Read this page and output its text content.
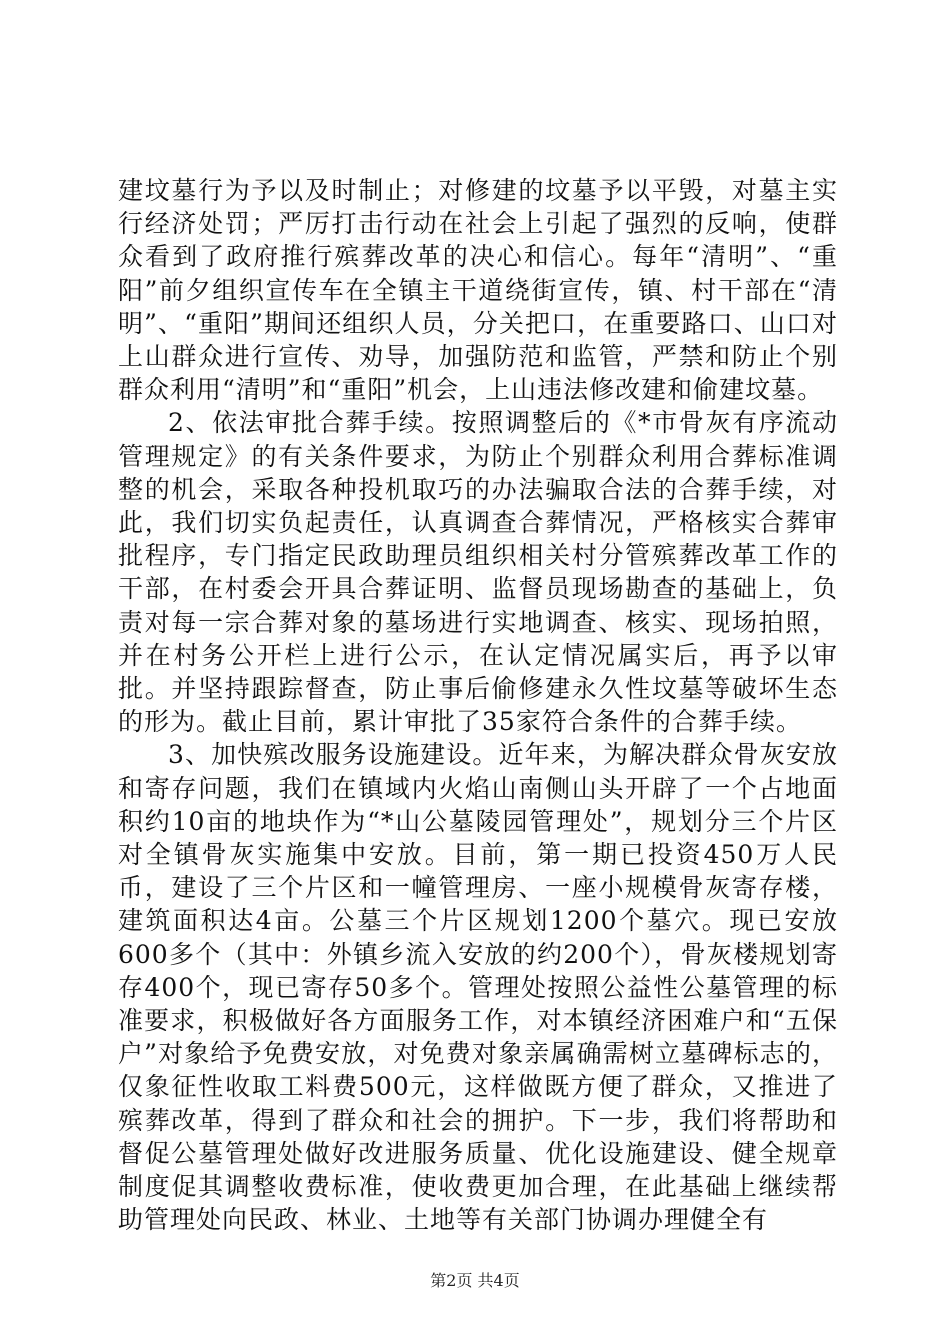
建坟墓行为予以及时制止；对修建的坟墓予以平毁，对墓主实行经济处罚；严厉打击行动在社会上引起了强烈的反响，使群众看到了政府推行殡葬改革的决心和信心。每年“清明”、“重阳”前夕组织宣传车在全镇主干道绕街宣传，镇、村干部在“清明”、“重阳”期间还组织人员，分关把口，在重要路口、山口对上山群众进行宣传、劝导，加强防范和监管，严禁和防止个别群众利用“清明”和“重阳”机会，上山违法修改建和偷建坟墓。

2、依法审批合葬手续。按照调整后的《*市骨灰有序流动管理规定》的有关条件要求，为防止个别群众利用合葬标准调整的机会，采取各种投机取巧的办法骗取合法的合葬手续，对此，我们切实负起责任，认真调查合葬情况，严格核实合葬审批程序，专门指定民政助理员组织相关村分管殡葬改革工作的干部，在村委会开具合葬证明、监督员现场勘查的基础上，负责对每一宗合葬对象的墓场进行实地调查、核实、现场拍照，并在村务公开栏上进行公示，在认定情况属实后，再予以审批。并坚持跟踪督查，防止事后偷修建永久性坟墓等破坏生态的形为。截止目前，累计审批了35家符合条件的合葬手续。

3、加快殡改服务设施建设。近年来，为解决群众骨灰安放和寄存问题，我们在镇域内火焰山南侧山头开辟了一个占地面积约10亩的地块作为“*山公墓陵园管理处”，规划分三个片区对全镇骨灰实施集中安放。目前，第一期已投资450万人民币，建设了三个片区和一幢管理房、一座小规模骨灰寄存楼，建筑面积达4亩。公墓三个片区规划1200个墓穴。现已安放600多个（其中：外镇乡流入安放的约200个），骨灰楼规划寄存400个，现已寄存50多个。管理处按照公益性公墓管理的标准要求，积极做好各方面服务工作，对本镇经济困难户和“五保户”对象给予免费安放，对免费对象亲属确需树立墓碑标志的，仅象征性收取工料费500元，这样做既方便了群众，又推进了殡葬改革，得到了群众和社会的拥护。下一步，我们将帮助和督促公墓管理处做好改进服务质量、优化设施建设、健全规章制度促其调整收费标准，使收费更加合理，在此基础上继续帮助管理处向民政、林业、土地等有关部门协调办理健全有

第2页 共4页
